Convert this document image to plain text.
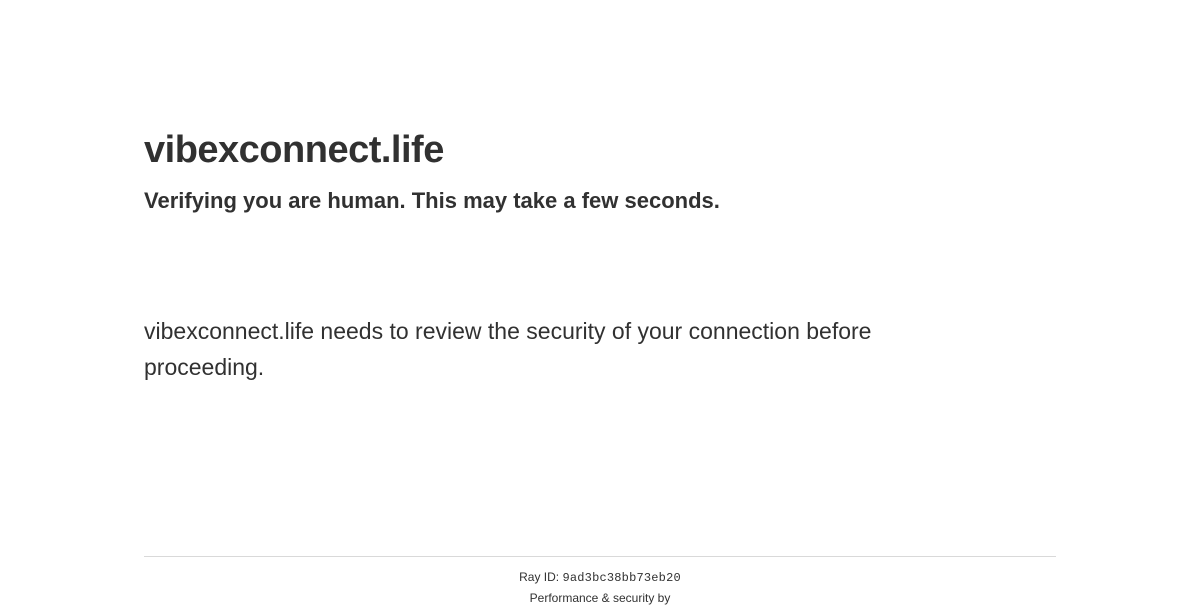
vibexconnect.life
Verifying you are human. This may take a few seconds.

vibexconnect.life needs to review the security of your connection before proceeding.

Ray ID: 9ad3bc38bb73eb20
Performance & security by
